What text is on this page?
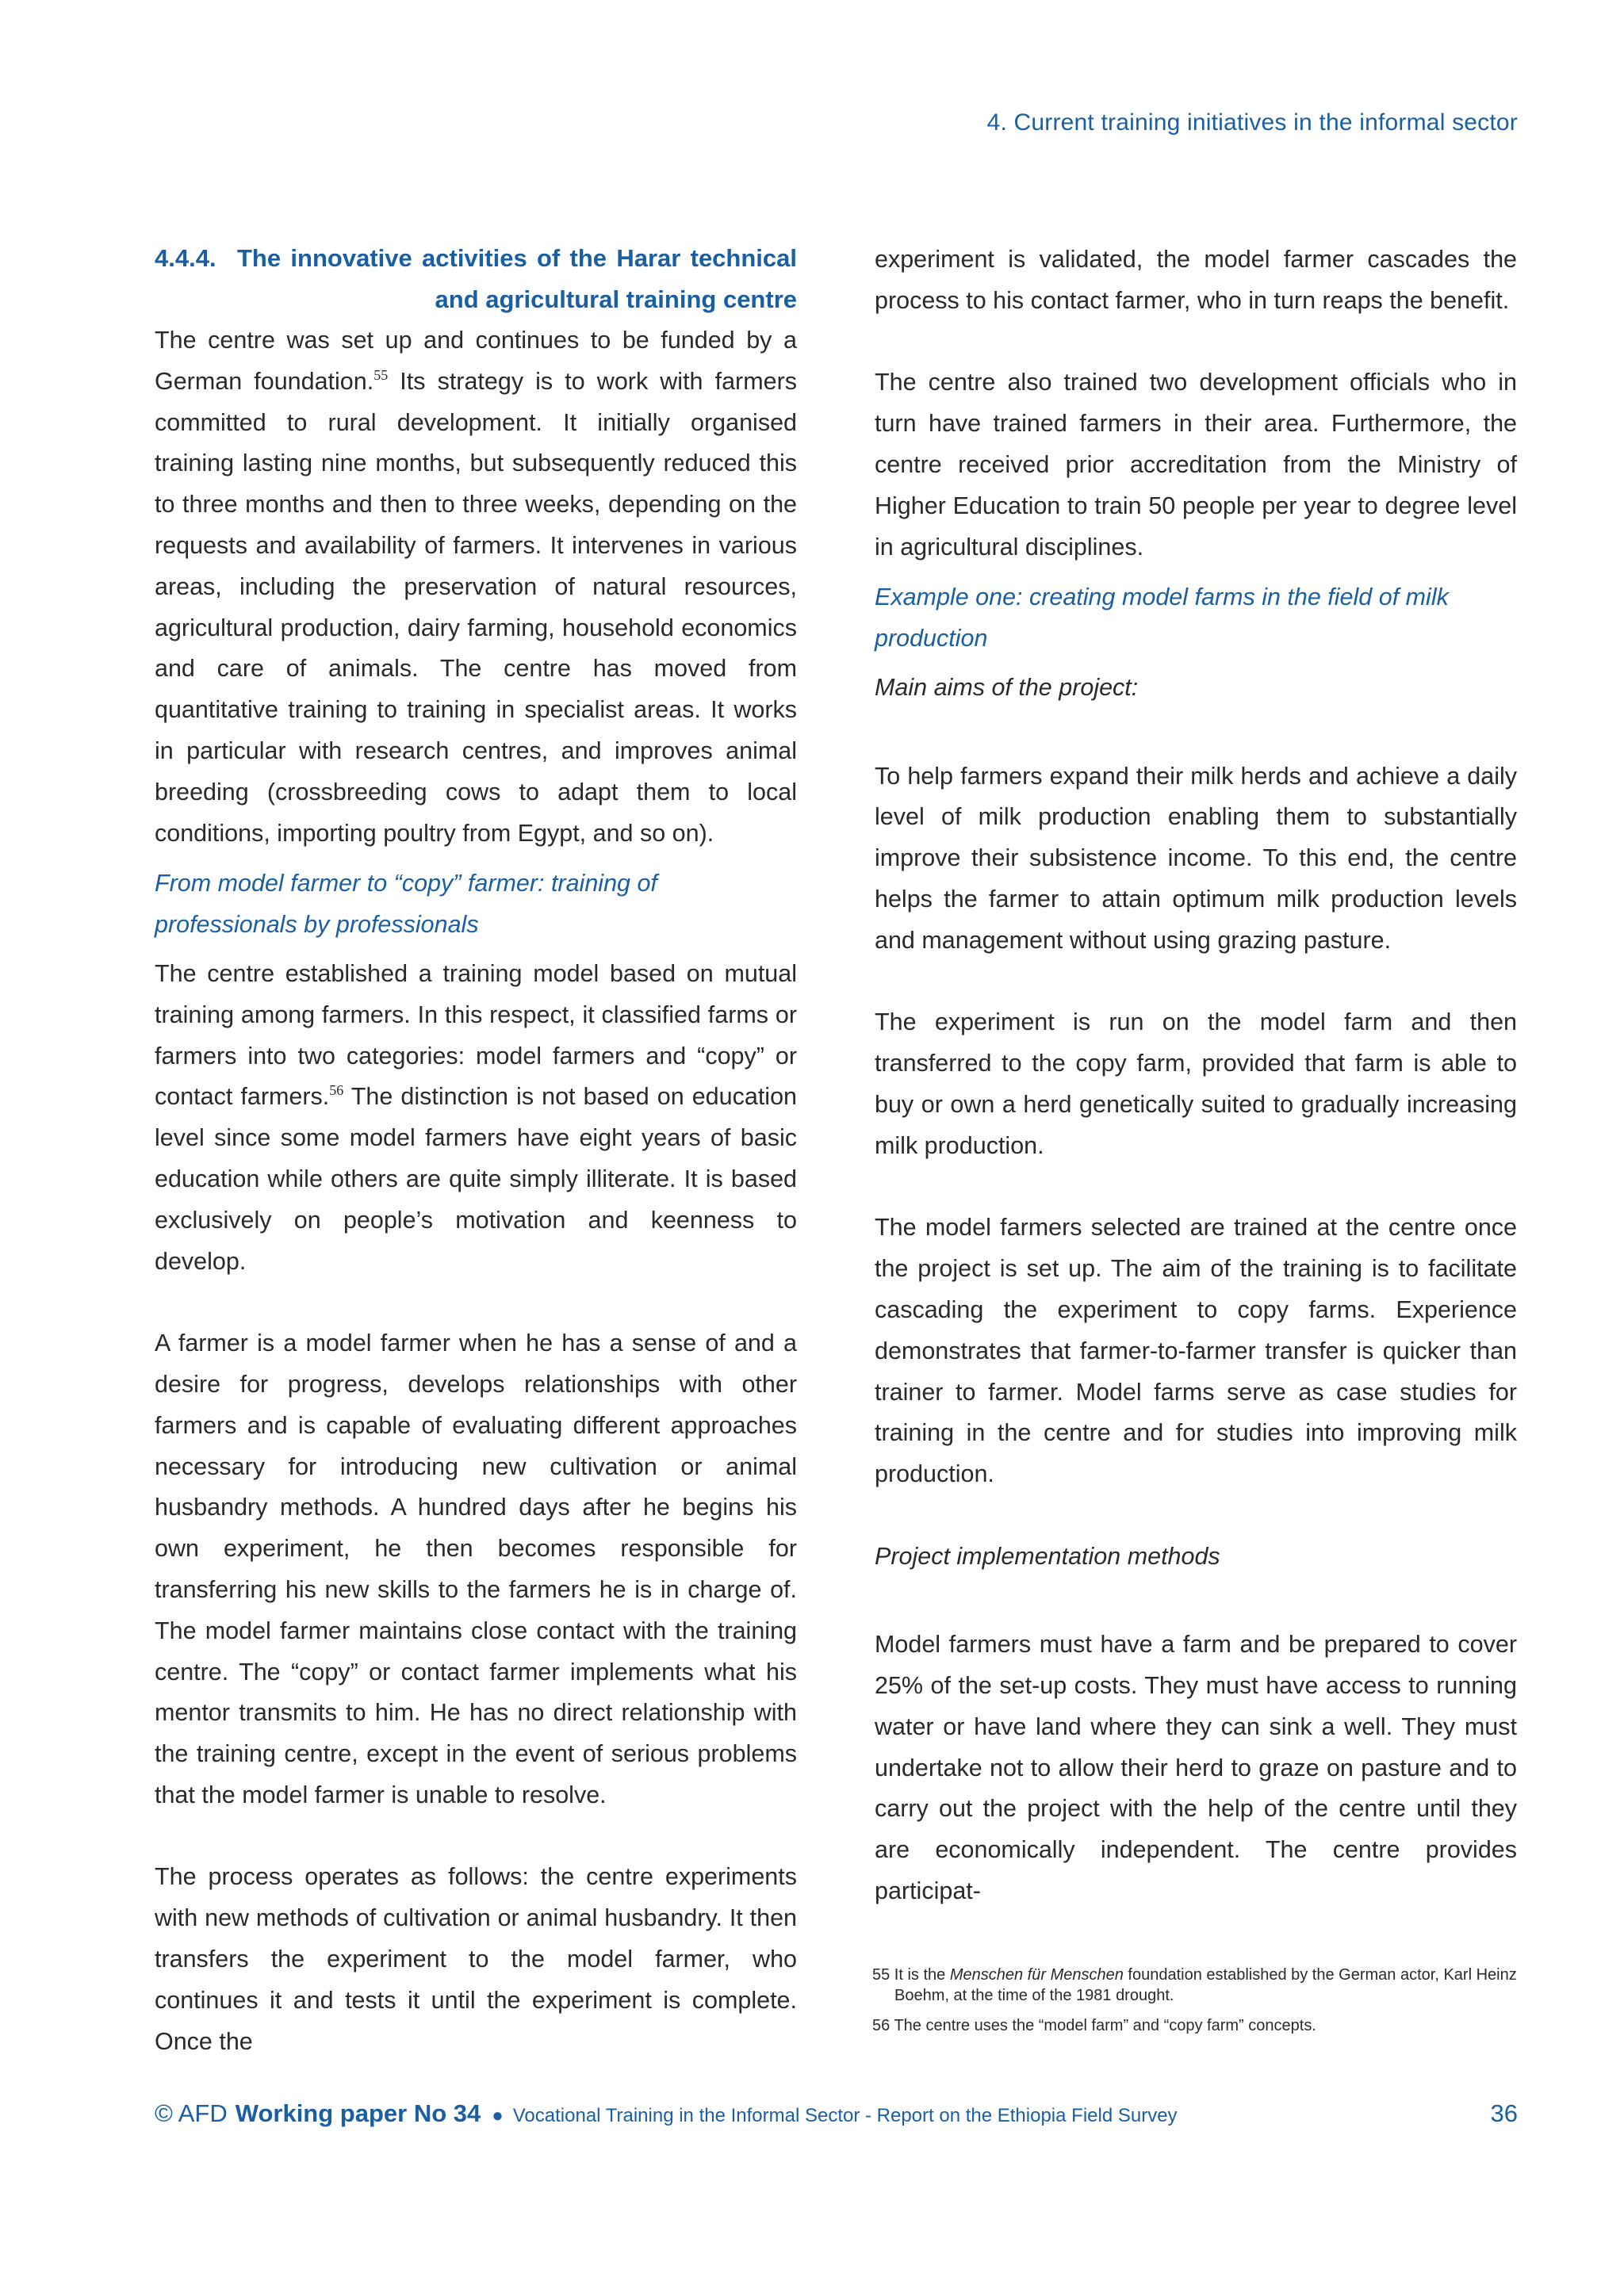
4. Current training initiatives in the informal sector
4.4.4. The innovative activities of the Harar technical and agricultural training centre

The centre was set up and continues to be funded by a German foundation.$^{55}$ Its strategy is to work with farmers committed to rural development. It initially organised training lasting nine months, but subsequently reduced this to three months and then to three weeks, depending on the requests and availability of farmers. It intervenes in various areas, including the preservation of natural resources, agricultural production, dairy farming, household economics and care of animals. The centre has moved from quantitative training to training in specialist areas. It works in particular with research centres, and improves animal breeding (crossbreeding cows to adapt them to local conditions, importing poultry from Egypt, and so on).

From model farmer to “copy” farmer: training of professionals by professionals

The centre established a training model based on mutual training among farmers. In this respect, it classified farms or farmers into two categories: model farmers and “copy” or contact farmers.$^{56}$ The distinction is not based on education level since some model farmers have eight years of basic education while others are quite simply illiterate. It is based exclusively on people’s motivation and keenness to develop.

A farmer is a model farmer when he has a sense of and a desire for progress, develops relationships with other farmers and is capable of evaluating different approaches necessary for introducing new cultivation or animal husbandry methods. A hundred days after he begins his own experiment, he then becomes responsible for transferring his new skills to the farmers he is in charge of. The model farmer maintains close contact with the training centre. The “copy” or contact farmer implements what his mentor transmits to him. He has no direct relationship with the training centre, except in the event of serious problems that the model farmer is unable to resolve.

The process operates as follows: the centre experiments with new methods of cultivation or animal husbandry. It then transfers the experiment to the model farmer, who continues it and tests it until the experiment is complete. Once the

experiment is validated, the model farmer cascades the process to his contact farmer, who in turn reaps the benefit.

The centre also trained two development officials who in turn have trained farmers in their area. Furthermore, the centre received prior accreditation from the Ministry of Higher Education to train 50 people per year to degree level in agricultural disciplines.

Example one: creating model farms in the field of milk production

Main aims of the project:

To help farmers expand their milk herds and achieve a daily level of milk production enabling them to substantially improve their subsistence income. To this end, the centre helps the farmer to attain optimum milk production levels and management without using grazing pasture.

The experiment is run on the model farm and then transferred to the copy farm, provided that farm is able to buy or own a herd genetically suited to gradually increasing milk production.

The model farmers selected are trained at the centre once the project is set up. The aim of the training is to facilitate cascading the experiment to copy farms. Experience demonstrates that farmer-to-farmer transfer is quicker than trainer to farmer. Model farms serve as case studies for training in the centre and for studies into improving milk production.

Project implementation methods

Model farmers must have a farm and be prepared to cover 25% of the set-up costs. They must have access to running water or have land where they can sink a well. They must undertake not to allow their herd to graze on pasture and to carry out the project with the help of the centre until they are economically independent. The centre provides participat-

55 It is the Menschen für Menschen foundation established by the German actor, Karl Heinz Boehm, at the time of the 1981 drought.

56 The centre uses the “model farm” and “copy farm” concepts.

© AFD Working paper No 34 ● Vocational Training in the Informal Sector - Report on the Ethiopia Field Survey	36
